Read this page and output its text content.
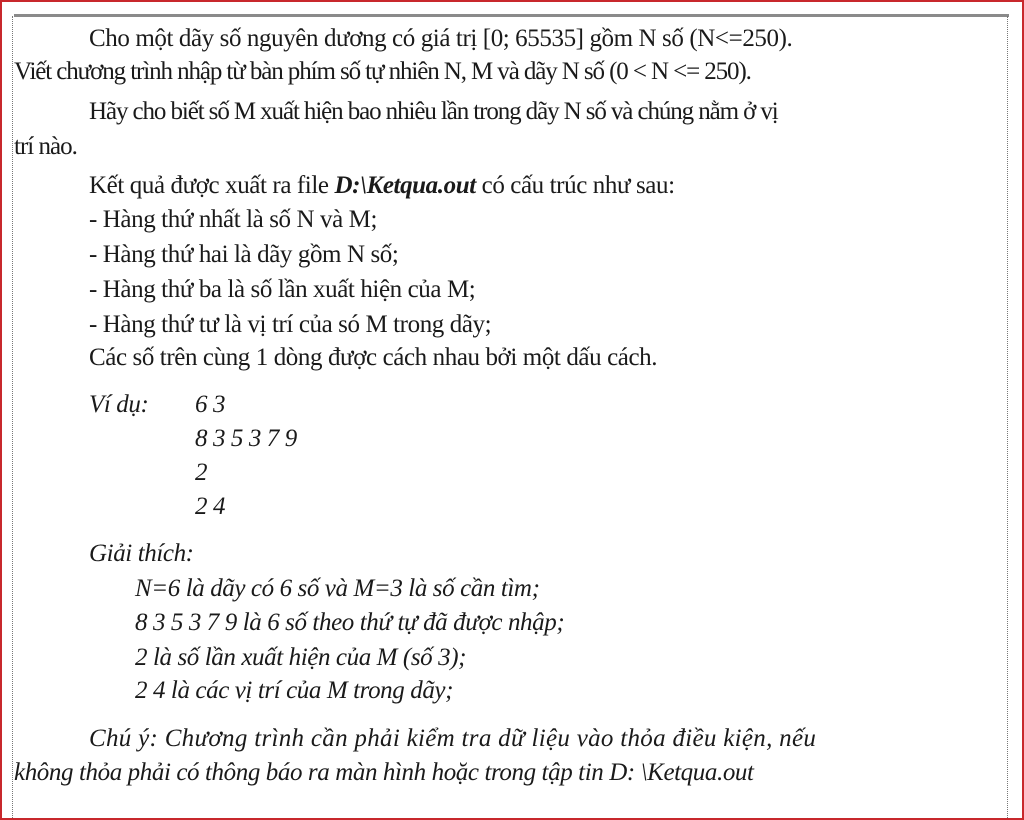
Cho một dãy số nguyên dương có giá trị [0; 65535] gồm N số (N<=250).
Viết chương trình nhập từ bàn phím số tự nhiên N, M và dãy N số (0 < N <= 250).
Hãy cho biết số M xuất hiện bao nhiêu lần trong dãy N số và chúng nằm ở vị
trí nào.
Kết quả được xuất ra file D:\Ketqua.out có cấu trúc như sau:
- Hàng thứ nhất là số N và M;
- Hàng thứ hai là dãy gồm N số;
- Hàng thứ ba là số lần xuất hiện của M;
- Hàng thứ tư là vị trí của só M trong dãy;
Các số trên cùng 1 dòng được cách nhau bởi một dấu cách.
Ví dụ: 6 3
8 3 5 3 7 9
2
2 4
Giải thích:
N=6 là dãy có 6 số và M=3 là số cần tìm;
8 3 5 3 7 9 là 6 số theo thứ tự đã được nhập;
2 là số lần xuất hiện của M (số 3);
2 4 là các vị trí của M trong dãy;
Chú ý: Chương trình cần phải kiểm tra dữ liệu vào thỏa điều kiện, nếu
không thỏa phải có thông báo ra màn hình hoặc trong tập tin D: \Ketqua.out
